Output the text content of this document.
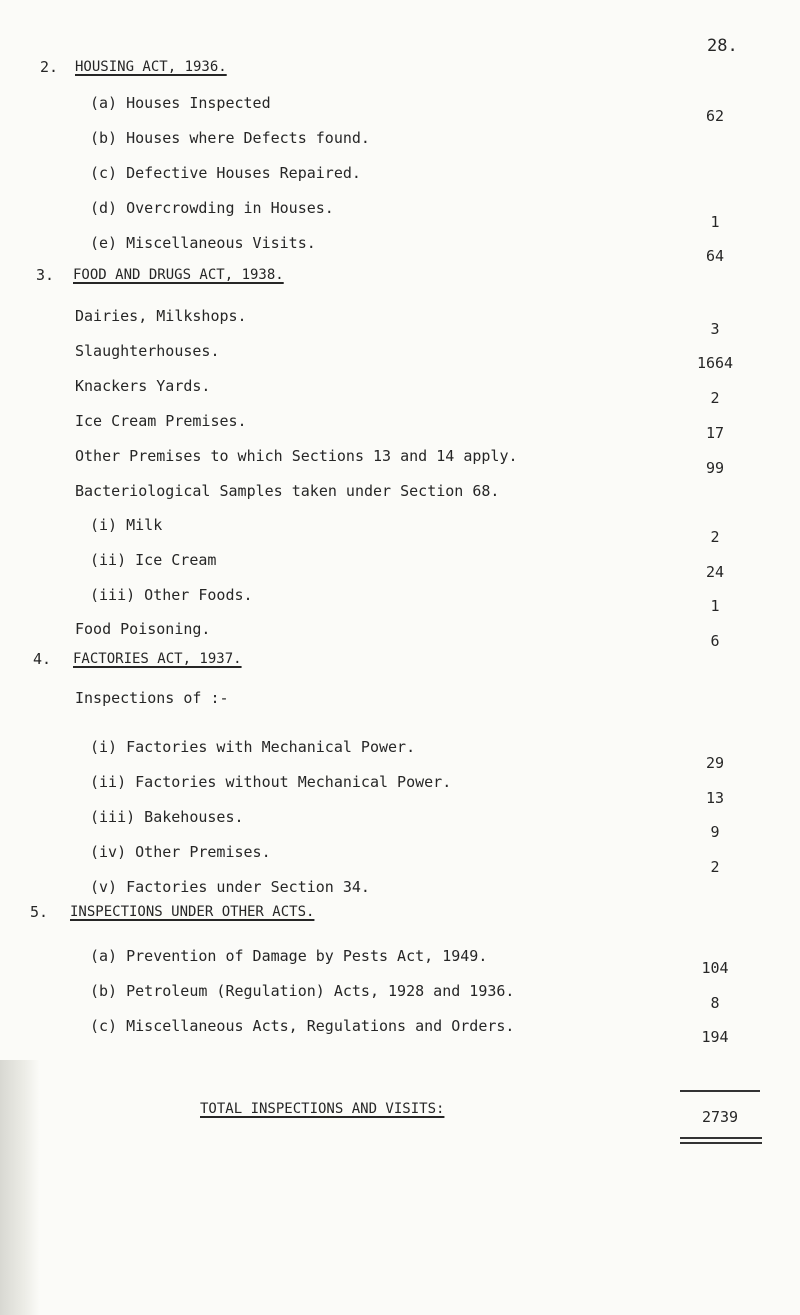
28.
2. HOUSING ACT, 1936.
(a) Houses Inspected
(b) Houses where Defects found.
(c) Defective Houses Repaired.
(d) Overcrowding in Houses.
(e) Miscellaneous Visits.
62
1
64
3. FOOD AND DRUGS ACT, 1938.
Dairies, Milkshops.
Slaughterhouses.
Knackers Yards.
Ice Cream Premises.
Other Premises to which Sections 13 and 14 apply.
Bacteriological Samples taken under Section 68.
(i) Milk
(ii) Ice Cream
(iii) Other Foods.
Food Poisoning.
3
1664
2
17
99
2
24
1
6
4. FACTORIES ACT, 1937.
Inspections of :-
(i) Factories with Mechanical Power.
(ii) Factories without Mechanical Power.
(iii) Bakehouses.
(iv) Other Premises.
(v) Factories under Section 34.
29
13
9
2
5. INSPECTIONS UNDER OTHER ACTS.
(a) Prevention of Damage by Pests Act, 1949.
(b) Petroleum (Regulation) Acts, 1928 and 1936.
(c) Miscellaneous Acts, Regulations and Orders.
104
8
194
TOTAL INSPECTIONS AND VISITS:	2739
